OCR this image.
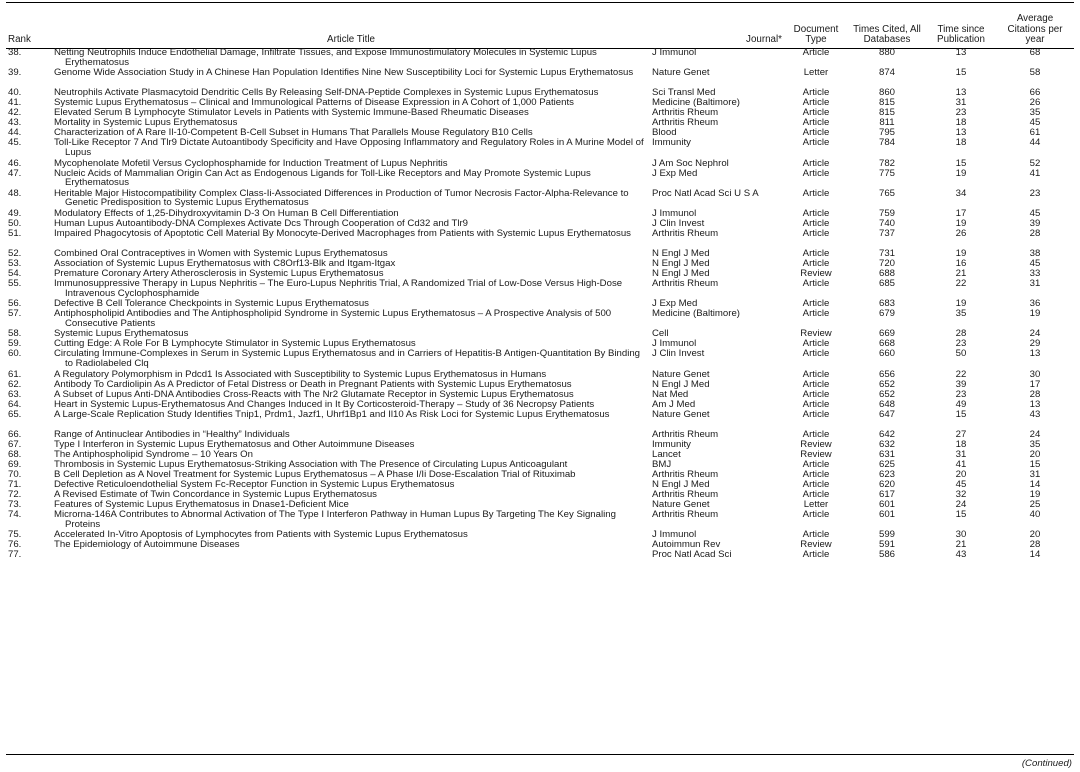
Rank	Article Title	Journal*	Document Type	Times Cited, All Databases	Time since Publication	Average Citations per year
38.	Netting Neutrophils Induce Endothelial Damage, Infiltrate Tissues, and Expose Immunostimulatory Molecules in Systemic Lupus Erythematosus	J Immunol	Article	880	13	68
39.	Genome Wide Association Study in A Chinese Han Population Identifies Nine New Susceptibility Loci for Systemic Lupus Erythematosus	Nature Genet	Letter	874	15	58
40.	Neutrophils Activate Plasmacytoid Dendritic Cells By Releasing Self-DNA-Peptide Complexes in Systemic Lupus Erythematosus	Sci Transl Med	Article	860	13	66
41.	Systemic Lupus Erythematosus – Clinical and Immunological Patterns of Disease Expression in A Cohort of 1,000 Patients	Medicine (Baltimore)	Article	815	31	26
42.	Elevated Serum B Lymphocyte Stimulator Levels in Patients with Systemic Immune-Based Rheumatic Diseases	Arthritis Rheum	Article	815	23	35
43.	Mortality in Systemic Lupus Erythematosus	Arthritis Rheum	Article	811	18	45
44.	Characterization of A Rare Il-10-Competent B-Cell Subset in Humans That Parallels Mouse Regulatory B10 Cells	Blood	Article	795	13	61
45.	Toll-Like Receptor 7 And Tlr9 Dictate Autoantibody Specificity and Have Opposing Inflammatory and Regulatory Roles in A Murine Model of Lupus	Immunity	Article	784	18	44
46.	Mycophenolate Mofetil Versus Cyclophosphamide for Induction Treatment of Lupus Nephritis	J Am Soc Nephrol	Article	782	15	52
47.	Nucleic Acids of Mammalian Origin Can Act as Endogenous Ligands for Toll-Like Receptors and May Promote Systemic Lupus Erythematosus	J Exp Med	Article	775	19	41
48.	Heritable Major Histocompatibility Complex Class-Ii-Associated Differences in Production of Tumor Necrosis Factor-Alpha-Relevance to Genetic Predisposition to Systemic Lupus Erythematosus	Proc Natl Acad Sci U S A	Article	765	34	23
49.	Modulatory Effects of 1,25-Dihydroxyvitamin D-3 On Human B Cell Differentiation	J Immunol	Article	759	17	45
50.	Human Lupus Autoantibody-DNA Complexes Activate Dcs Through Cooperation of Cd32 and Tlr9	J Clin Invest	Article	740	19	39
51.	Impaired Phagocytosis of Apoptotic Cell Material By Monocyte-Derived Macrophages from Patients with Systemic Lupus Erythematosus	Arthritis Rheum	Article	737	26	28
52.	Combined Oral Contraceptives in Women with Systemic Lupus Erythematosus	N Engl J Med	Article	731	19	38
53.	Association of Systemic Lupus Erythematosus with C8Orf13-Blk and Itgam-Itgax	N Engl J Med	Article	720	16	45
54.	Premature Coronary Artery Atherosclerosis in Systemic Lupus Erythematosus	N Engl J Med	Review	688	21	33
55.	Immunosuppressive Therapy in Lupus Nephritis – The Euro-Lupus Nephritis Trial, A Randomized Trial of Low-Dose Versus High-Dose Intravenous Cyclophosphamide	Arthritis Rheum	Article	685	22	31
56.	Defective B Cell Tolerance Checkpoints in Systemic Lupus Erythematosus	J Exp Med	Article	683	19	36
57.	Antiphospholipid Antibodies and The Antiphospholipid Syndrome in Systemic Lupus Erythematosus – A Prospective Analysis of 500 Consecutive Patients	Medicine (Baltimore)	Article	679	35	19
58.	Systemic Lupus Erythematosus	Cell	Review	669	28	24
59.	Cutting Edge: A Role For B Lymphocyte Stimulator in Systemic Lupus Erythematosus	J Immunol	Article	668	23	29
60.	Circulating Immune-Complexes in Serum in Systemic Lupus Erythematosus and in Carriers of Hepatitis-B Antigen-Quantitation By Binding to Radiolabeled Clq	J Clin Invest	Article	660	50	13
61.	A Regulatory Polymorphism in Pdcd1 Is Associated with Susceptibility to Systemic Lupus Erythematosus in Humans	Nature Genet	Article	656	22	30
62.	Antibody To Cardiolipin As A Predictor of Fetal Distress or Death in Pregnant Patients with Systemic Lupus Erythematosus	N Engl J Med	Article	652	39	17
63.	A Subset of Lupus Anti-DNA Antibodies Cross-Reacts with The Nr2 Glutamate Receptor in Systemic Lupus Erythematosus	Nat Med	Article	652	23	28
64.	Heart in Systemic Lupus-Erythematosus And Changes Induced in It By Corticosteroid-Therapy – Study of 36 Necropsy Patients	Am J Med	Article	648	49	13
65.	A Large-Scale Replication Study Identifies Tnip1, Prdm1, Jazf1, Uhrf1Bp1 and Il10 As Risk Loci for Systemic Lupus Erythematosus	Nature Genet	Article	647	15	43
66.	Range of Antinuclear Antibodies in “Healthy” Individuals	Arthritis Rheum	Article	642	27	24
67.	Type I Interferon in Systemic Lupus Erythematosus and Other Autoimmune Diseases	Immunity	Review	632	18	35
68.	The Antiphospholipid Syndrome – 10 Years On	Lancet	Review	631	31	20
69.	Thrombosis in Systemic Lupus Erythematosus-Striking Association with The Presence of Circulating Lupus Anticoagulant	BMJ	Article	625	41	15
70.	B Cell Depletion as A Novel Treatment for Systemic Lupus Erythematosus – A Phase I/Ii Dose-Escalation Trial of Rituximab	Arthritis Rheum	Article	623	20	31
71.	Defective Reticuloendothelial System Fc-Receptor Function in Systemic Lupus Erythematosus	N Engl J Med	Article	620	45	14
72.	A Revised Estimate of Twin Concordance in Systemic Lupus Erythematosus	Arthritis Rheum	Article	617	32	19
73.	Features of Systemic Lupus Erythematosus in Dnase1-Deficient Mice	Nature Genet	Letter	601	24	25
74.	Microrna-146A Contributes to Abnormal Activation of The Type I Interferon Pathway in Human Lupus By Targeting The Key Signaling Proteins	Arthritis Rheum	Article	601	15	40
75.	Accelerated In-Vitro Apoptosis of Lymphocytes from Patients with Systemic Lupus Erythematosus	J Immunol	Article	599	30	20
76.	The Epidemiology of Autoimmune Diseases	Autoimmun Rev	Review	591	21	28
77.		Proc Natl Acad Sci	Article	586	43	14
(Continued)
